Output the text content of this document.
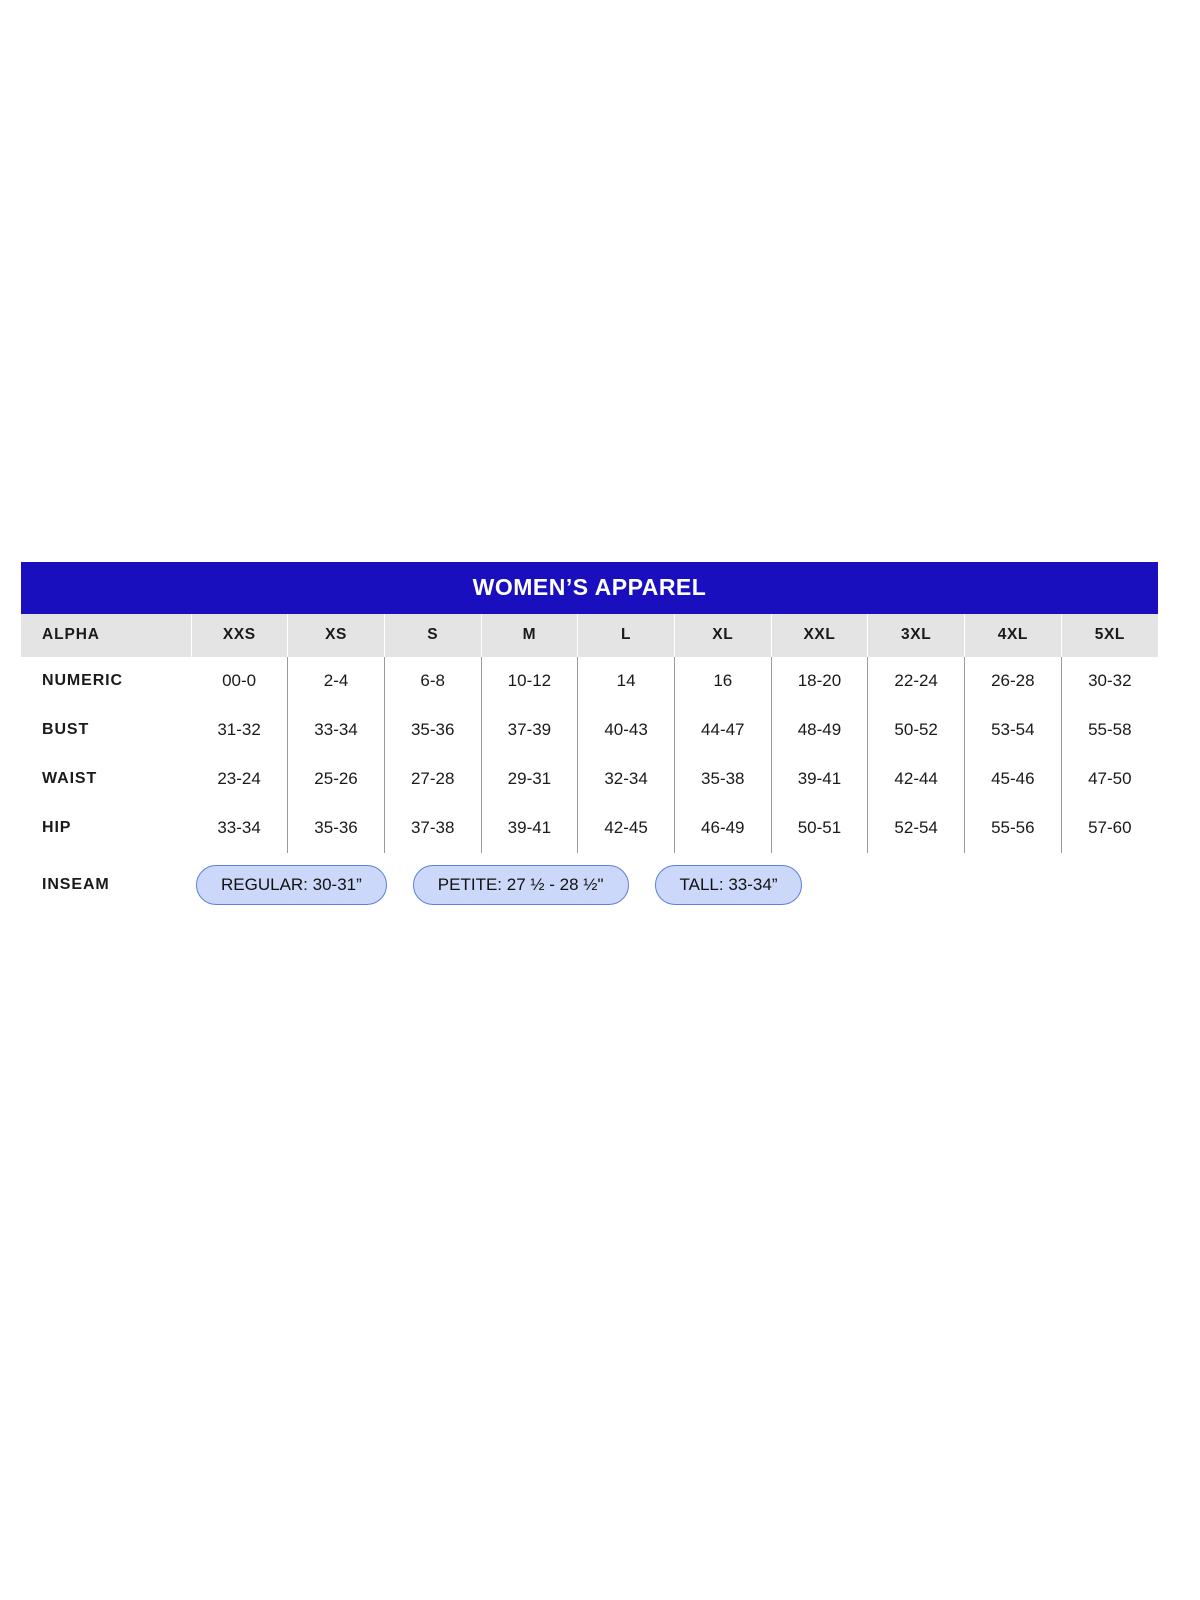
WOMEN’S APPAREL
ALPHA	XXS	XS	S	M	L	XL	XXL	3XL	4XL	5XL
NUMERIC	00-0	2-4	6-8	10-12	14	16	18-20	22-24	26-28	30-32
BUST	31-32	33-34	35-36	37-39	40-43	44-47	48-49	50-52	53-54	55-58
WAIST	23-24	25-26	27-28	29-31	32-34	35-38	39-41	42-44	45-46	47-50
HIP	33-34	35-36	37-38	39-41	42-45	46-49	50-51	52-54	55-56	57-60
INSEAM	REGULAR: 30-31” PETITE: 27 ½ - 28 ½" TALL: 33-34”									
